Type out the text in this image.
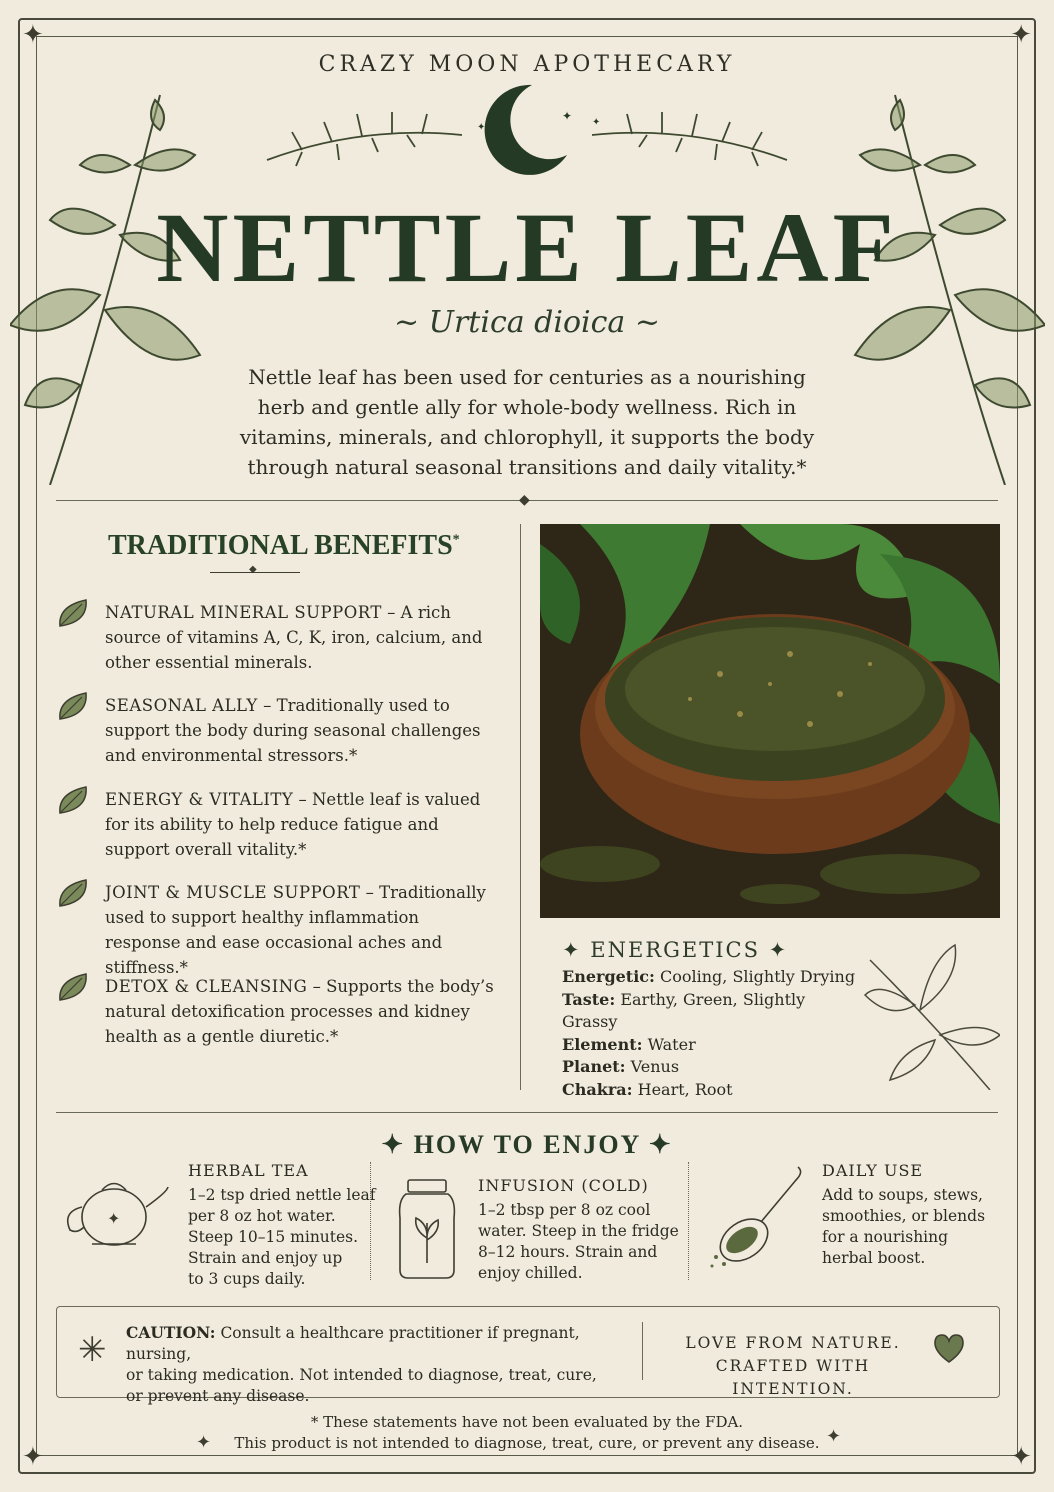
✦	✦
✦	✦
CRAZY MOON APOTHECARY
✦
✦	✦
✦
NETTLE LEAF
~ Urtica dioica ~
Nettle leaf has been used for centuries as a nourishing herb and gentle ally for whole-body wellness. Rich in vitamins, minerals, and chlorophyll, it supports the body through natural seasonal transitions and daily vitality.*
◆
TRADITIONAL BENEFITS*
◆
NATURAL MINERAL SUPPORT – A rich source of vitamins A, C, K, iron, calcium, and other essential minerals.
SEASONAL ALLY – Traditionally used to support the body during seasonal challenges and environmental stressors.*
ENERGY & VITALITY – Nettle leaf is valued for its ability to help reduce fatigue and support overall vitality.*
JOINT & MUSCLE SUPPORT – Traditionally used to support healthy inflammation response and ease occasional aches and stiffness.*
DETOX & CLEANSING – Supports the body’s natural detoxification processes and kidney health as a gentle diuretic.*
✦ ENERGETICS ✦
Energetic: Cooling, Slightly Drying
Taste: Earthy, Green, Slightly Grassy
Element: Water
Planet: Venus
Chakra: Heart, Root
✦ HOW TO ENJOY ✦
✦
HERBAL TEA
1–2 tsp dried nettle leaf
per 8 oz hot water.
Steep 10–15 minutes.
Strain and enjoy up
to 3 cups daily.
INFUSION (COLD)
1–2 tbsp per 8 oz cool
water. Steep in the fridge
8–12 hours. Strain and
enjoy chilled.
DAILY USE
Add to soups, stews,
smoothies, or blends
for a nourishing
herbal boost.
✳ CAUTION: Consult a healthcare practitioner if pregnant, nursing,
or taking medication. Not intended to diagnose, treat, cure,
or prevent any disease.
LOVE FROM NATURE.
CRAFTED WITH INTENTION.
* These statements have not been evaluated by the FDA.
This product is not intended to diagnose, treat, cure, or prevent any disease.
✦	✦
